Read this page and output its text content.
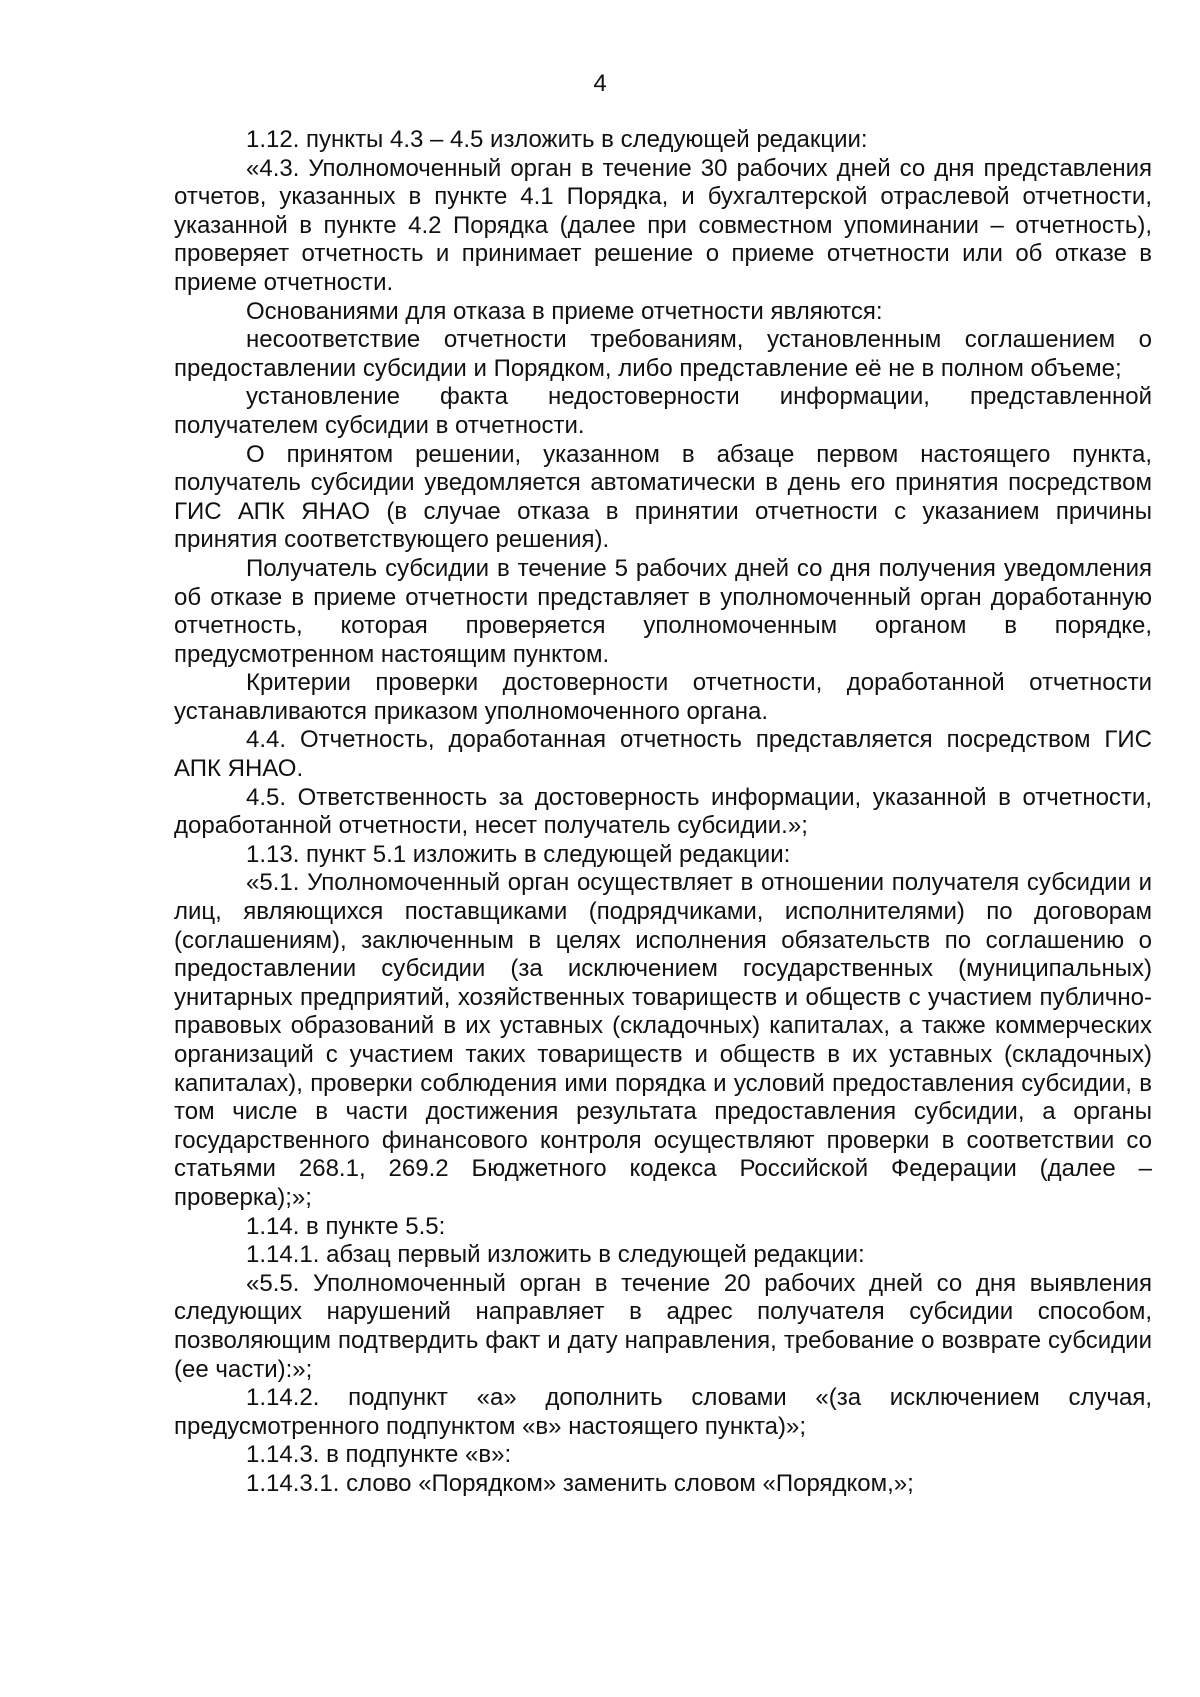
4

1.12. пункты 4.3 – 4.5 изложить в следующей редакции:

«4.3. Уполномоченный орган в течение 30 рабочих дней со дня представления отчетов, указанных в пункте 4.1 Порядка, и бухгалтерской отраслевой отчетности, указанной в пункте 4.2 Порядка (далее при совместном упоминании – отчетность), проверяет отчетность и принимает решение о приеме отчетности или об отказе в приеме отчетности.

Основаниями для отказа в приеме отчетности являются:

несоответствие отчетности требованиям, установленным соглашением о предоставлении субсидии и Порядком, либо представление её не в полном объеме;

установление факта недостоверности информации, представленной получателем субсидии в отчетности.

О принятом решении, указанном в абзаце первом настоящего пункта, получатель субсидии уведомляется автоматически в день его принятия посредством ГИС АПК ЯНАО (в случае отказа в принятии отчетности с указанием причины принятия соответствующего решения).

Получатель субсидии в течение 5 рабочих дней со дня получения уведомления об отказе в приеме отчетности представляет в уполномоченный орган доработанную отчетность, которая проверяется уполномоченным органом в порядке, предусмотренном настоящим пунктом.

Критерии проверки достоверности отчетности, доработанной отчетности устанавливаются приказом уполномоченного органа.

4.4. Отчетность, доработанная отчетность представляется посредством ГИС АПК ЯНАО.

4.5. Ответственность за достоверность информации, указанной в отчетности, доработанной отчетности, несет получатель субсидии.»;

1.13. пункт 5.1 изложить в следующей редакции:

«5.1. Уполномоченный орган осуществляет в отношении получателя субсидии и лиц, являющихся поставщиками (подрядчиками, исполнителями) по договорам (соглашениям), заключенным в целях исполнения обязательств по соглашению о предоставлении субсидии (за исключением государственных (муниципальных) унитарных предприятий, хозяйственных товариществ и обществ с участием публично-правовых образований в их уставных (складочных) капиталах, а также коммерческих организаций с участием таких товариществ и обществ в их уставных (складочных) капиталах), проверки соблюдения ими порядка и условий предоставления субсидии, в том числе в части достижения результата предоставления субсидии, а органы государственного финансового контроля осуществляют проверки в соответствии со статьями 268.1, 269.2 Бюджетного кодекса Российской Федерации (далее – проверка);»;

1.14. в пункте 5.5:

1.14.1. абзац первый изложить в следующей редакции:

«5.5. Уполномоченный орган в течение 20 рабочих дней со дня выявления следующих нарушений направляет в адрес получателя субсидии способом, позволяющим подтвердить факт и дату направления, требование о возврате субсидии (ее части):»;

1.14.2. подпункт «а» дополнить словами «(за исключением случая, предусмотренного подпунктом «в» настоящего пункта)»;

1.14.3. в подпункте «в»:

1.14.3.1. слово «Порядком» заменить словом «Порядком,»;
